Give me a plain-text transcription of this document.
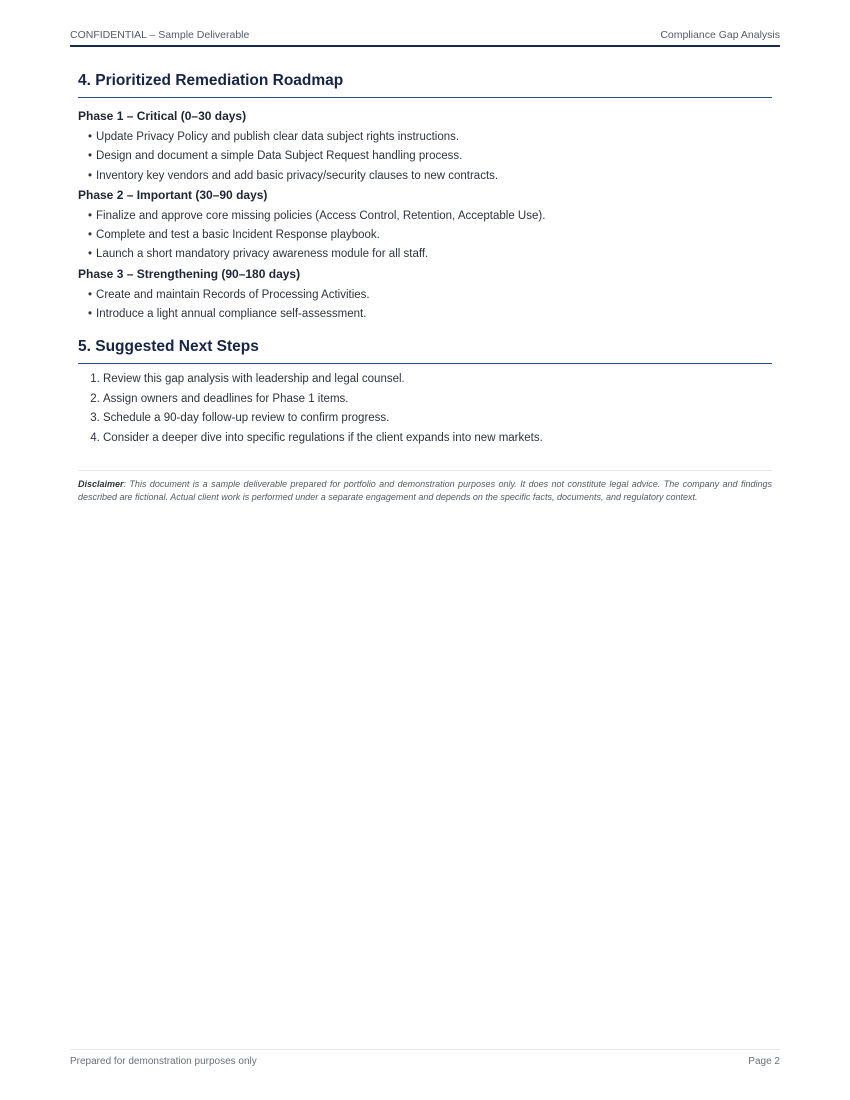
CONFIDENTIAL – Sample Deliverable	Compliance Gap Analysis
4. Prioritized Remediation Roadmap
Phase 1 – Critical (0–30 days)
• Update Privacy Policy and publish clear data subject rights instructions.
• Design and document a simple Data Subject Request handling process.
• Inventory key vendors and add basic privacy/security clauses to new contracts.
Phase 2 – Important (30–90 days)
• Finalize and approve core missing policies (Access Control, Retention, Acceptable Use).
• Complete and test a basic Incident Response playbook.
• Launch a short mandatory privacy awareness module for all staff.
Phase 3 – Strengthening (90–180 days)
• Create and maintain Records of Processing Activities.
• Introduce a light annual compliance self-assessment.
5. Suggested Next Steps
1. Review this gap analysis with leadership and legal counsel.
2. Assign owners and deadlines for Phase 1 items.
3. Schedule a 90-day follow-up review to confirm progress.
4. Consider a deeper dive into specific regulations if the client expands into new markets.
Disclaimer: This document is a sample deliverable prepared for portfolio and demonstration purposes only. It does not constitute legal advice. The company and findings described are fictional. Actual client work is performed under a separate engagement and depends on the specific facts, documents, and regulatory context.
Prepared for demonstration purposes only	Page 2
